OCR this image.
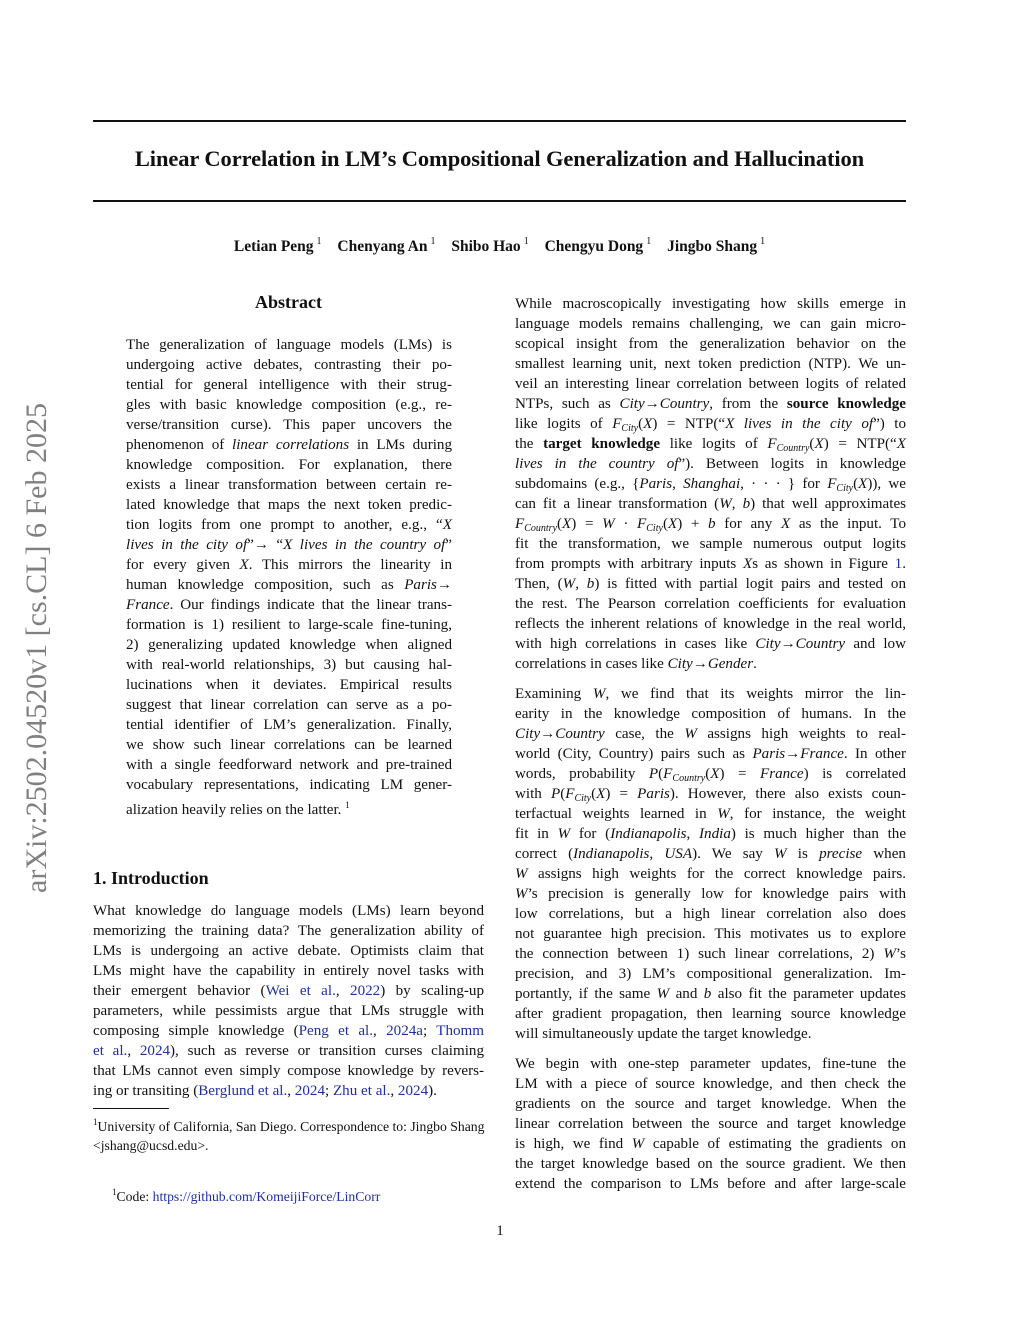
Linear Correlation in LM’s Compositional Generalization and Hallucination
Letian Peng $^1$ Chenyang An $^1$ Shibo Hao $^1$ Chengyu Dong $^1$ Jingbo Shang $^1$
arXiv:2502.04520v1 [cs.CL] 6 Feb 2025
Abstract
The generalization of language models (LMs) is
undergoing active debates, contrasting their po-
tential for general intelligence with their strug-
gles with basic knowledge composition (e.g., re-
verse/transition curse). This paper uncovers the
phenomenon of linear correlations in LMs during
knowledge composition. For explanation, there
exists a linear transformation between certain re-
lated knowledge that maps the next token predic-
tion logits from one prompt to another, e.g., “X
lives in the city of”→ “X lives in the country of”
for every given X. This mirrors the linearity in
human knowledge composition, such as Paris→
France. Our findings indicate that the linear trans-
formation is 1) resilient to large-scale fine-tuning,
2) generalizing updated knowledge when aligned
with real-world relationships, 3) but causing hal-
lucinations when it deviates. Empirical results
suggest that linear correlation can serve as a po-
tential identifier of LM’s generalization. Finally,
we show such linear correlations can be learned
with a single feedforward network and pre-trained
vocabulary representations, indicating LM gener-
alization heavily relies on the latter. $^1$
1. Introduction
What knowledge do language models (LMs) learn beyond
memorizing the training data? The generalization ability of
LMs is undergoing an active debate. Optimists claim that
LMs might have the capability in entirely novel tasks with
their emergent behavior (Wei et al., 2022) by scaling-up
parameters, while pessimists argue that LMs struggle with
composing simple knowledge (Peng et al., 2024a; Thomm
et al., 2024), such as reverse or transition curses claiming
that LMs cannot even simply compose knowledge by revers-
ing or transiting (Berglund et al., 2024; Zhu et al., 2024).
$^1$University of California, San Diego. Correspondence to: Jingbo Shang <jshang@ucsd.edu>.
$^1$Code: https://github.com/KomeijiForce/LinCorr
While macroscopically investigating how skills emerge in
language models remains challenging, we can gain micro-
scopical insight from the generalization behavior on the
smallest learning unit, next token prediction (NTP). We un-
veil an interesting linear correlation between logits of related
NTPs, such as City→Country, from the source knowledge
like logits of $F_{City}(X)$ = NTP(“X lives in the city of”) to
the target knowledge like logits of $F_{Country}(X)$ = NTP(“X
lives in the country of”). Between logits in knowledge
subdomains (e.g., {Paris, Shanghai, · · · } for $F_{City}(X)$), we
can fit a linear transformation (W, b) that well approximates
$F_{Country}(X) = W \cdot F_{City}(X) + b$ for any X as the input. To
fit the transformation, we sample numerous output logits
from prompts with arbitrary inputs Xs as shown in Figure 1.
Then, (W, b) is fitted with partial logit pairs and tested on
the rest. The Pearson correlation coefficients for evaluation
reflects the inherent relations of knowledge in the real world,
with high correlations in cases like City→Country and low
correlations in cases like City→Gender.
Examining W, we find that its weights mirror the lin-
earity in the knowledge composition of humans. In the
City→Country case, the W assigns high weights to real-
world (City, Country) pairs such as Paris→France. In other
words, probability $P(F_{Country}(X)$ = France) is correlated
with $P(F_{City}(X)$ = Paris). However, there also exists coun-
terfactual weights learned in W, for instance, the weight
fit in W for (Indianapolis, India) is much higher than the
correct (Indianapolis, USA). We say W is precise when
W assigns high weights for the correct knowledge pairs.
W’s precision is generally low for knowledge pairs with
low correlations, but a high linear correlation also does
not guarantee high precision. This motivates us to explore
the connection between 1) such linear correlations, 2) W’s
precision, and 3) LM’s compositional generalization. Im-
portantly, if the same W and b also fit the parameter updates
after gradient propagation, then learning source knowledge
will simultaneously update the target knowledge.
We begin with one-step parameter updates, fine-tune the
LM with a piece of source knowledge, and then check the
gradients on the source and target knowledge. When the
linear correlation between the source and target knowledge
is high, we find W capable of estimating the gradients on
the target knowledge based on the source gradient. We then
extend the comparison to LMs before and after large-scale
1
